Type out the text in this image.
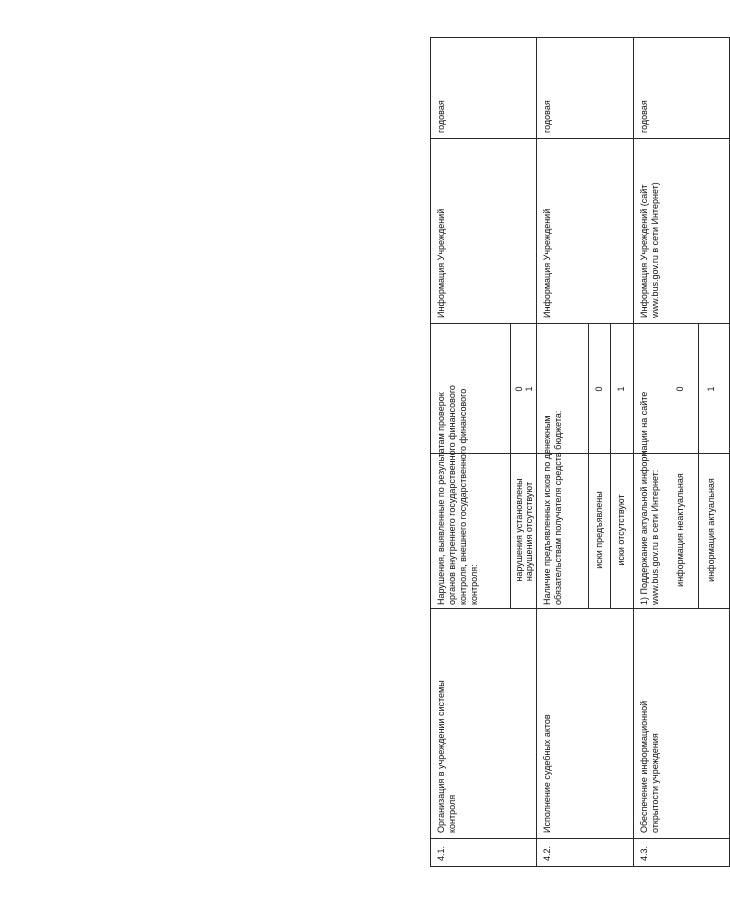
4.1.
Организация в учреждении системы контроля
Нарушения, выявленные по результатам проверок органов внутреннего государственного финансового контроля, внешнего государственного финансового контроля:
нарушения установлены нарушения отсутствуют
0 1
Информация Учреждений
годовая
4.2.
Исполнение судебных актов
Наличие предъявленных исков по денежным обязательствам получателя средств бюджета:	иски предъявлены иски отсутствуют
0 1
Информация Учреждений
годовая
4.3.
Обеспечение информационной открытости учреждения
1) Поддержание актуальной информации на сайте www.bus.gov.ru в сети Интернет: информация неактуальная информация актуальная
0 1
Информация Учреждений (сайт www.bus.gov.ru в сети Интернет)
годовая
